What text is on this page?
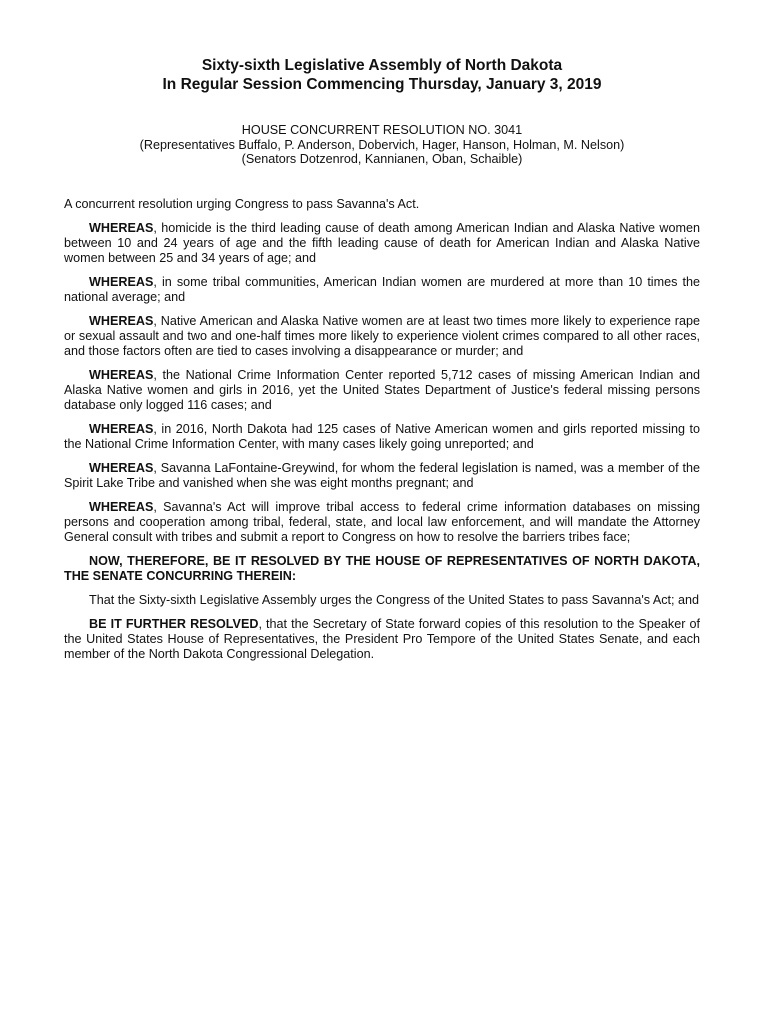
Sixty-sixth Legislative Assembly of North Dakota
In Regular Session Commencing Thursday, January 3, 2019
HOUSE CONCURRENT RESOLUTION NO. 3041
(Representatives Buffalo, P. Anderson, Dobervich, Hager, Hanson, Holman, M. Nelson)
(Senators Dotzenrod, Kannianen, Oban, Schaible)
A concurrent resolution urging Congress to pass Savanna's Act.

WHEREAS, homicide is the third leading cause of death among American Indian and Alaska Native women between 10 and 24 years of age and the fifth leading cause of death for American Indian and Alaska Native women between 25 and 34 years of age; and

WHEREAS, in some tribal communities, American Indian women are murdered at more than 10 times the national average; and

WHEREAS, Native American and Alaska Native women are at least two times more likely to experience rape or sexual assault and two and one-half times more likely to experience violent crimes compared to all other races, and those factors often are tied to cases involving a disappearance or murder; and

WHEREAS, the National Crime Information Center reported 5,712 cases of missing American Indian and Alaska Native women and girls in 2016, yet the United States Department of Justice's federal missing persons database only logged 116 cases; and

WHEREAS, in 2016, North Dakota had 125 cases of Native American women and girls reported missing to the National Crime Information Center, with many cases likely going unreported; and

WHEREAS, Savanna LaFontaine-Greywind, for whom the federal legislation is named, was a member of the Spirit Lake Tribe and vanished when she was eight months pregnant; and

WHEREAS, Savanna's Act will improve tribal access to federal crime information databases on missing persons and cooperation among tribal, federal, state, and local law enforcement, and will mandate the Attorney General consult with tribes and submit a report to Congress on how to resolve the barriers tribes face;

NOW, THEREFORE, BE IT RESOLVED BY THE HOUSE OF REPRESENTATIVES OF NORTH DAKOTA, THE SENATE CONCURRING THEREIN:

That the Sixty-sixth Legislative Assembly urges the Congress of the United States to pass Savanna's Act; and

BE IT FURTHER RESOLVED, that the Secretary of State forward copies of this resolution to the Speaker of the United States House of Representatives, the President Pro Tempore of the United States Senate, and each member of the North Dakota Congressional Delegation.
